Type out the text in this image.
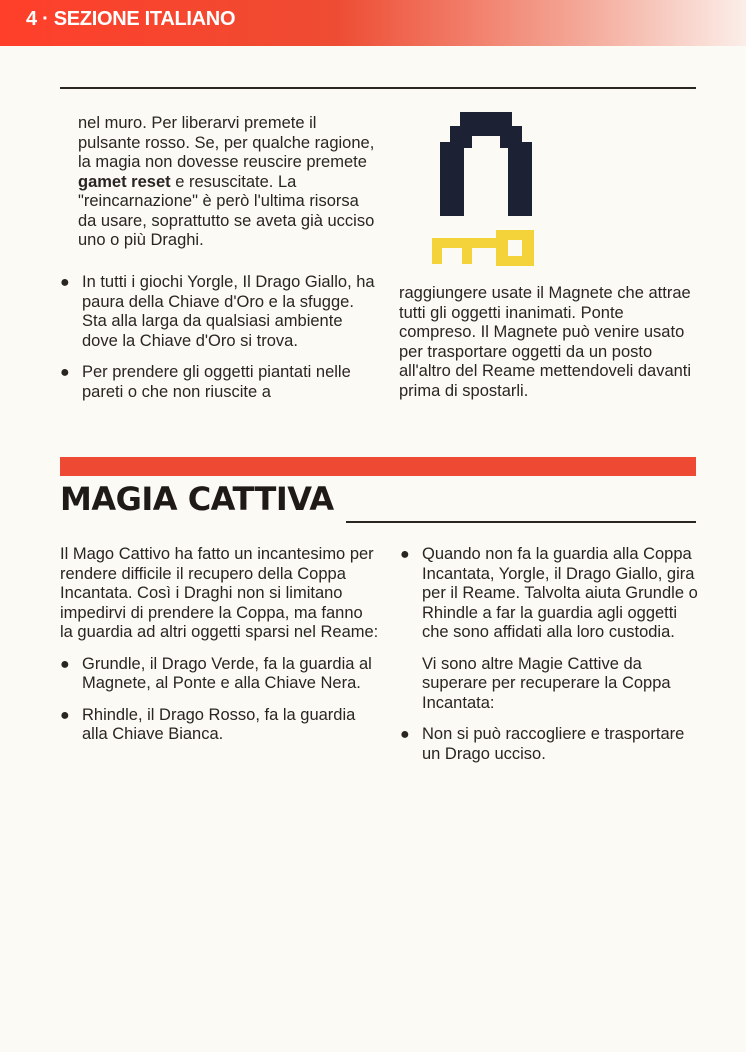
4 · SEZIONE ITALIANO

nel muro. Per liberarvi premete il pulsante rosso. Se, per qualche ragione, la magia non dovesse reuscire premete gamet reset e resuscitate. La "reincarnazione" è però l'ultima risorsa da usare, soprattutto se aveta già ucciso uno o più Draghi.

● In tutti i giochi Yorgle, Il Drago Giallo, ha paura della Chiave d'Oro e la sfugge. Sta alla larga da qualsiasi ambiente dove la Chiave d'Oro si trova.
● Per prendere gli oggetti piantati nelle pareti o che non riuscite a

raggiungere usate il Magnete che attrae tutti gli oggetti inanimati. Ponte compreso. Il Magnete può venire usato per trasportare oggetti da un posto all'altro del Reame mettendoveli davanti prima di spostarli.

MAGIA CATTIVA

Il Mago Cattivo ha fatto un incantesimo per rendere difficile il recupero della Coppa Incantata. Così i Draghi non si limitano impedirvi di prendere la Coppa, ma fanno la guardia ad altri oggetti sparsi nel Reame:

● Grundle, il Drago Verde, fa la guardia al Magnete, al Ponte e alla Chiave Nera.
● Rhindle, il Drago Rosso, fa la guardia alla Chiave Bianca.
● Quando non fa la guardia alla Coppa Incantata, Yorgle, il Drago Giallo, gira per il Reame. Talvolta aiuta Grundle o Rhindle a far la guardia agli oggetti che sono affidati alla loro custodia.

Vi sono altre Magie Cattive da superare per recuperare la Coppa Incantata:

● Non si può raccogliere e trasportare un Drago ucciso.
